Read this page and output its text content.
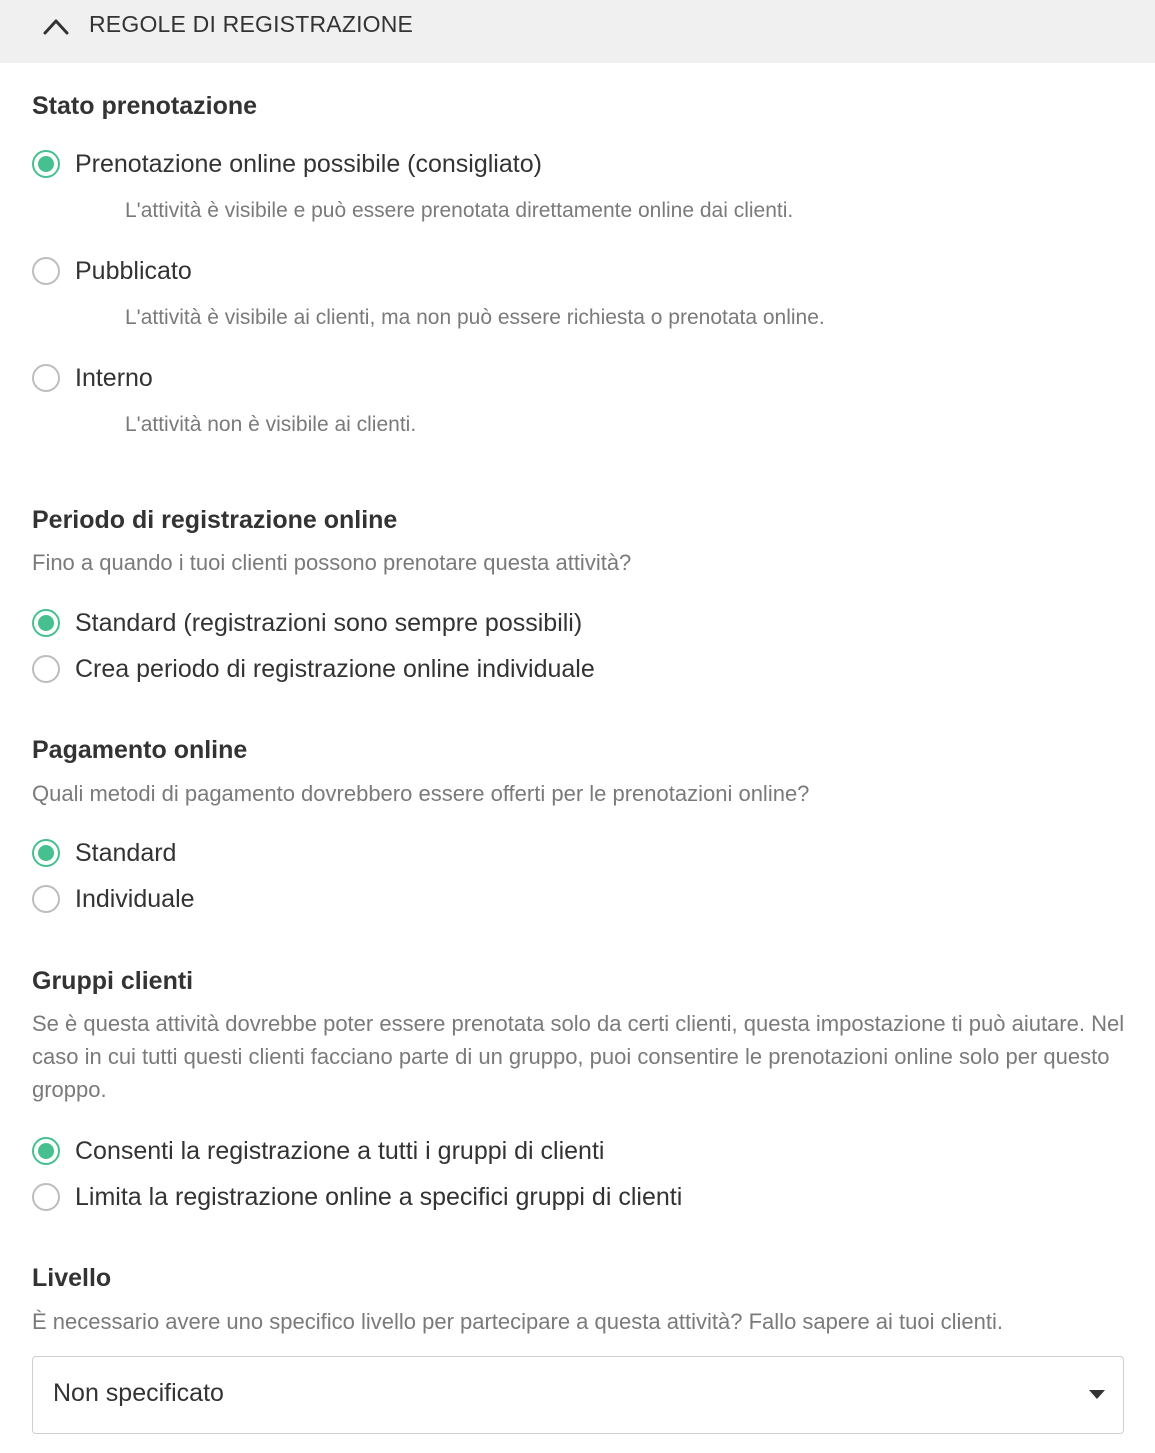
REGOLE DI REGISTRAZIONE
Stato prenotazione
Prenotazione online possibile (consigliato)
L'attività è visibile e può essere prenotata direttamente online dai clienti.
Pubblicato
L'attività è visibile ai clienti, ma non può essere richiesta o prenotata online.
Interno
L'attività non è visibile ai clienti.
Periodo di registrazione online
Fino a quando i tuoi clienti possono prenotare questa attività?
Standard (registrazioni sono sempre possibili)
Crea periodo di registrazione online individuale
Pagamento online
Quali metodi di pagamento dovrebbero essere offerti per le prenotazioni online?
Standard
Individuale
Gruppi clienti
Se è questa attività dovrebbe poter essere prenotata solo da certi clienti, questa impostazione ti può aiutare. Nel caso in cui tutti questi clienti facciano parte di un gruppo, puoi consentire le prenotazioni online solo per questo groppo.
Consenti la registrazione a tutti i gruppi di clienti
Limita la registrazione online a specifici gruppi di clienti
Livello
È necessario avere uno specifico livello per partecipare a questa attività? Fallo sapere ai tuoi clienti.
Non specificato
